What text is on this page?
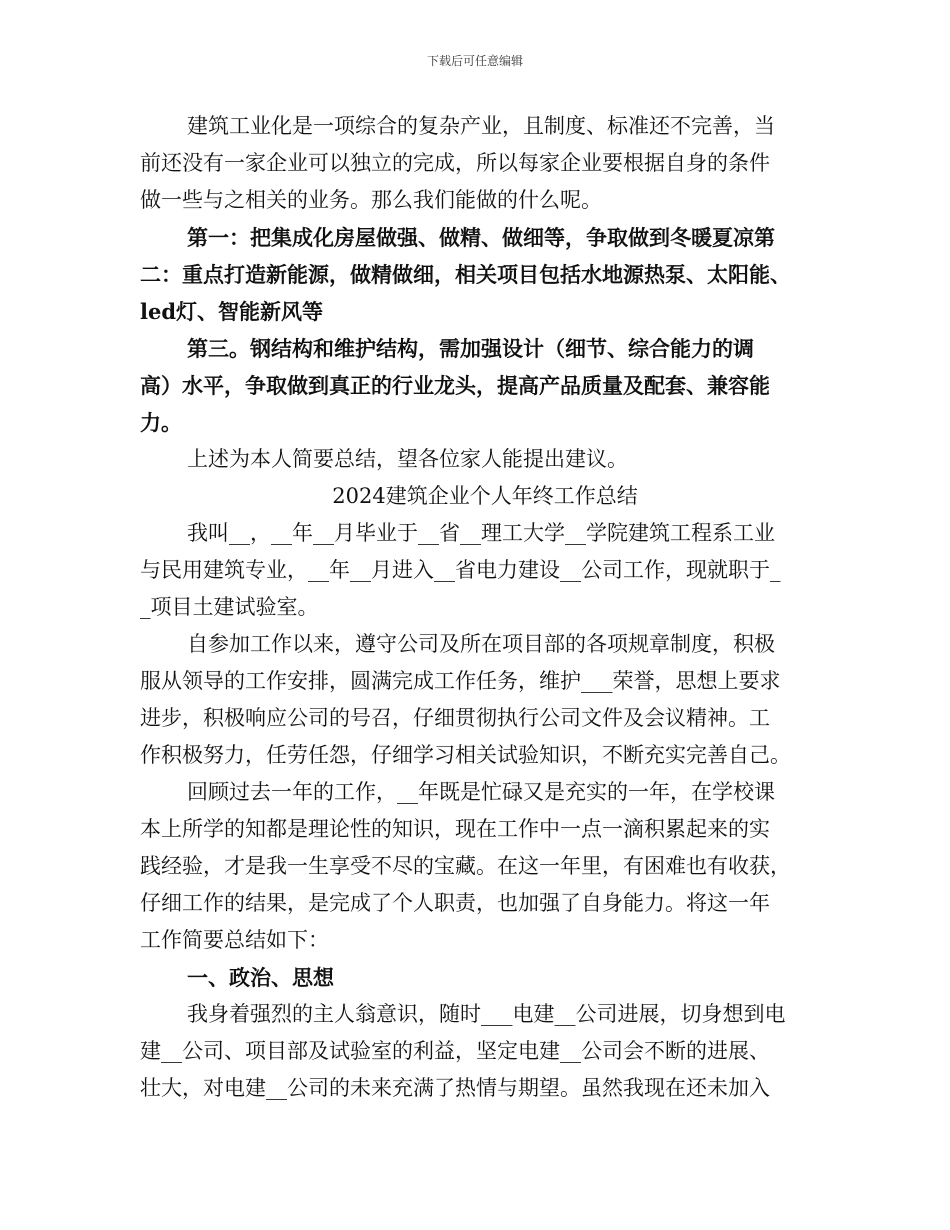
下载后可任意编辑
建筑工业化是一项综合的复杂产业，且制度、标准还不完善，当
前还没有一家企业可以独立的完成，所以每家企业要根据自身的条件
做一些与之相关的业务。那么我们能做的什么呢。
第一：把集成化房屋做强、做精、做细等，争取做到冬暖夏凉第
二：重点打造新能源，做精做细，相关项目包括水地源热泵、太阳能、
led灯、智能新风等
第三。钢结构和维护结构，需加强设计（细节、综合能力的调
高）水平，争取做到真正的行业龙头，提高产品质量及配套、兼容能
力。
上述为本人简要总结，望各位家人能提出建议。
2024建筑企业个人年终工作总结
我叫__，__年__月毕业于__省__理工大学__学院建筑工程系工业
与民用建筑专业，__年__月进入__省电力建设__公司工作，现就职于_
_项目土建试验室。
自参加工作以来，遵守公司及所在项目部的各项规章制度，积极
服从领导的工作安排，圆满完成工作任务，维护___荣誉，思想上要求
进步，积极响应公司的号召，仔细贯彻执行公司文件及会议精神。工
作积极努力，任劳任怨，仔细学习相关试验知识，不断充实完善自己。
回顾过去一年的工作，__年既是忙碌又是充实的一年，在学校课
本上所学的知都是理论性的知识，现在工作中一点一滴积累起来的实
践经验，才是我一生享受不尽的宝藏。在这一年里，有困难也有收获，
仔细工作的结果，是完成了个人职责，也加强了自身能力。将这一年
工作简要总结如下：
一、政治、思想
我身着强烈的主人翁意识，随时___电建__公司进展，切身想到电
建__公司、项目部及试验室的利益，坚定电建__公司会不断的进展、
壮大，对电建__公司的未来充满了热情与期望。虽然我现在还未加入
